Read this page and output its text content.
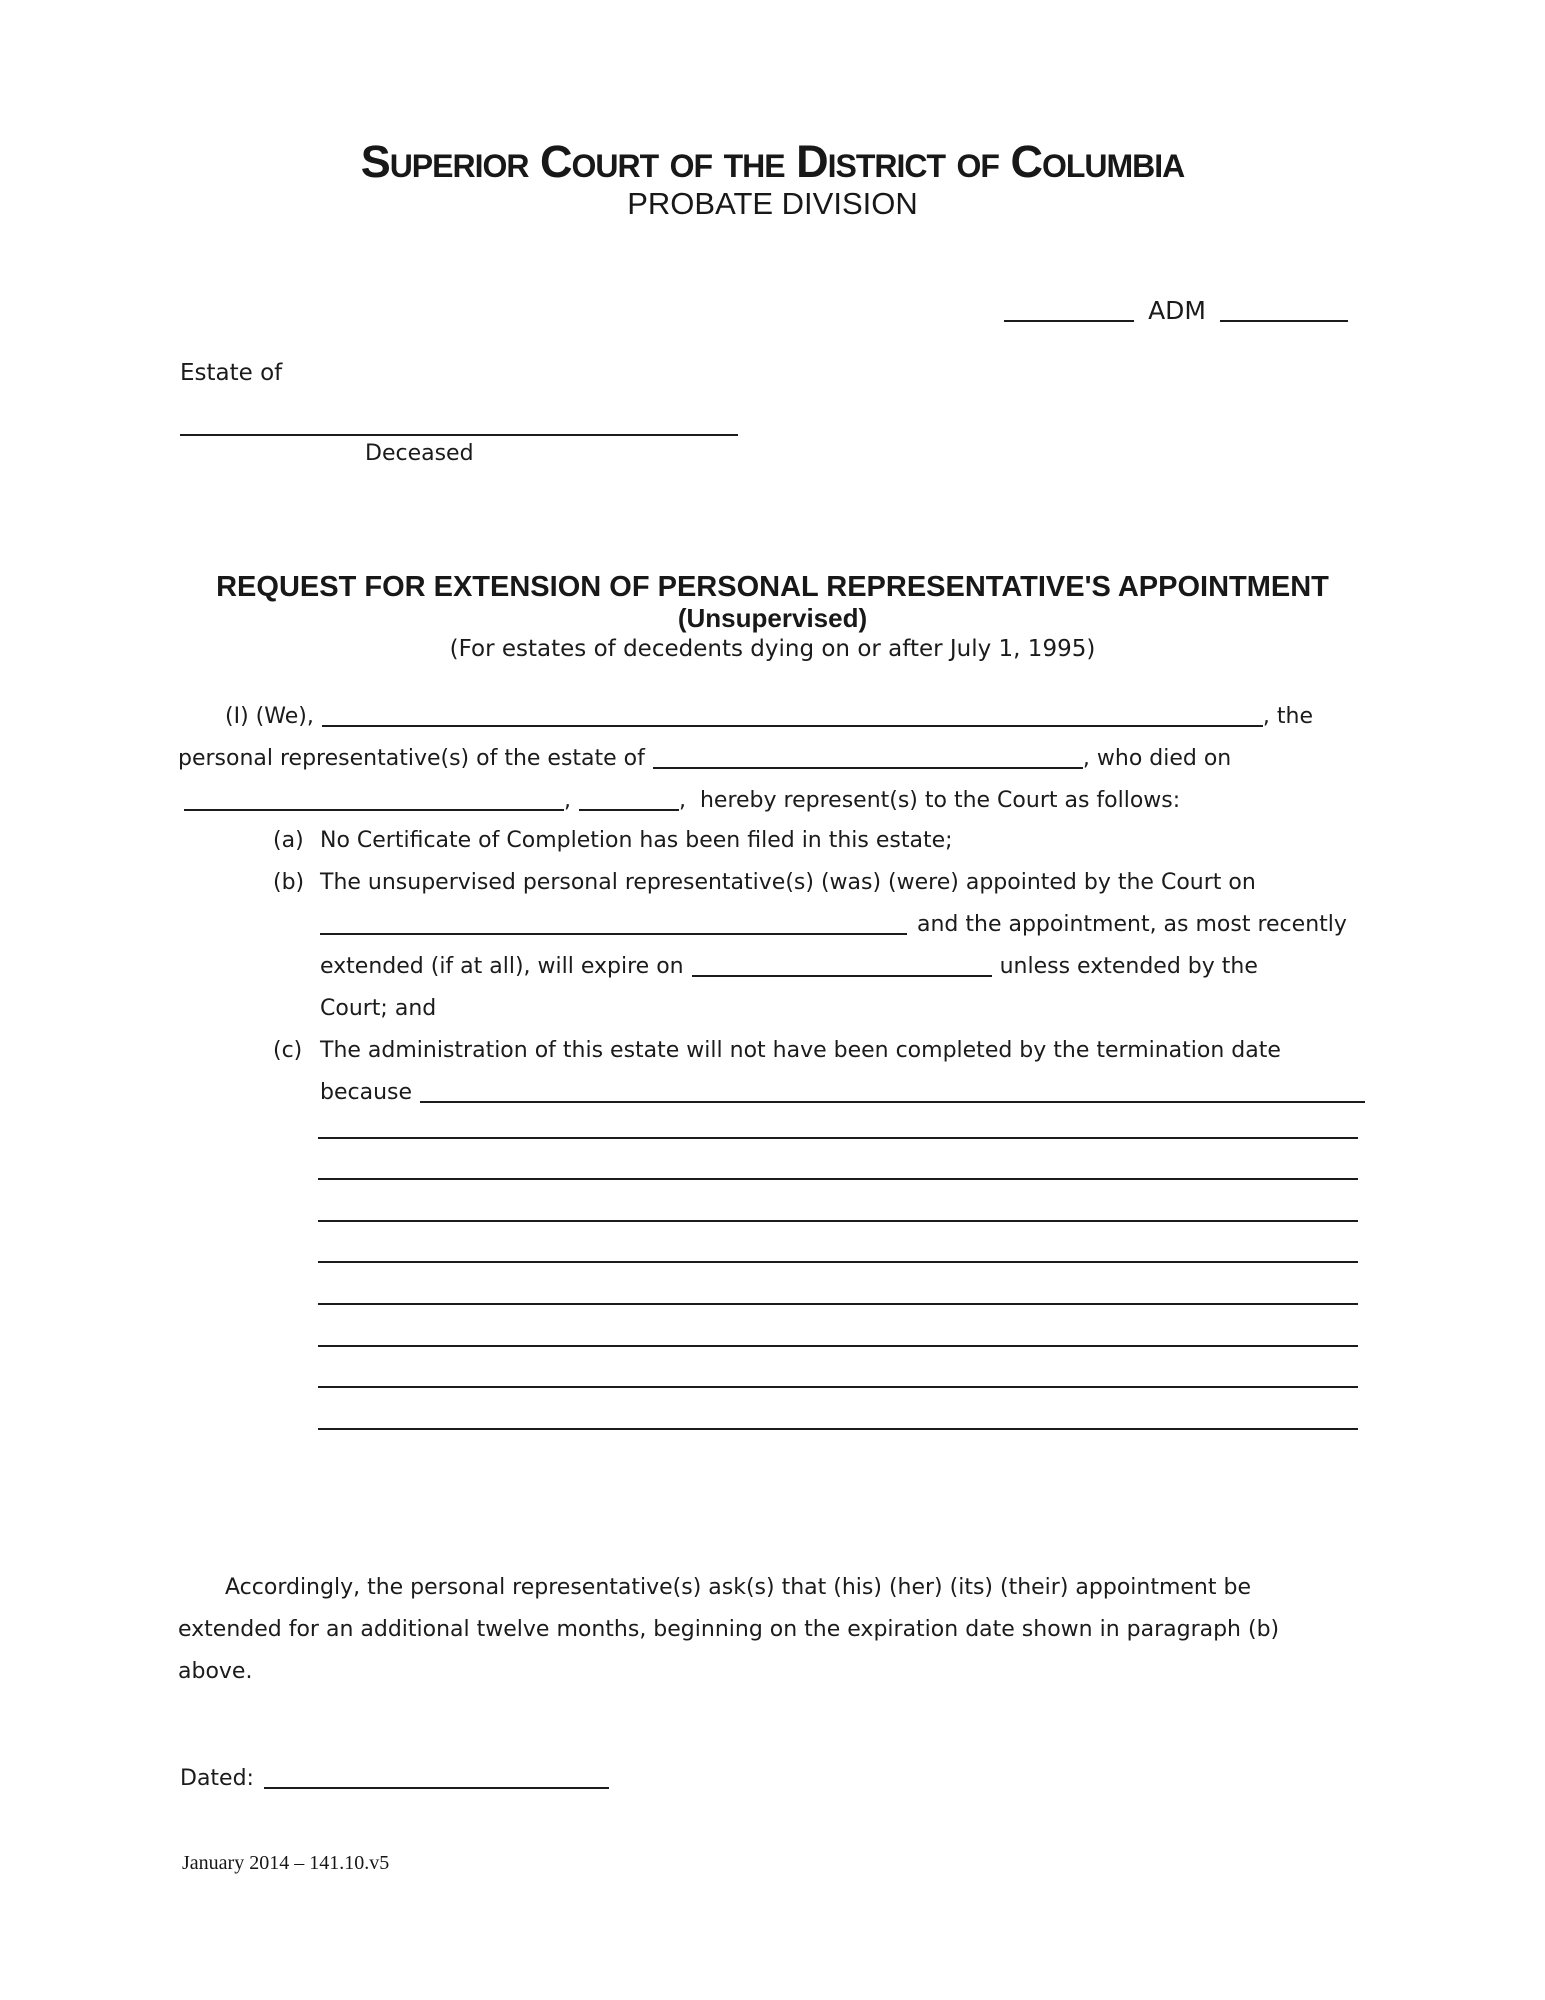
Superior Court of the District of Columbia
PROBATE DIVISION
ADM
Estate of
Deceased
REQUEST FOR EXTENSION OF PERSONAL REPRESENTATIVE'S APPOINTMENT
(Unsupervised)
(For estates of decedents dying on or after July 1, 1995)
(I) (We),	, the
personal representative(s) of the estate of	, who died on
,	,  hereby represent(s) to the Court as follows:
(a) No Certificate of Completion has been filed in this estate;
(b) The unsupervised personal representative(s) (was) (were) appointed by the Court on
and the appointment, as most recently
extended (if at all), will expire on	unless extended by the
Court; and
(c) The administration of this estate will not have been completed by the termination date
because
Accordingly, the personal representative(s) ask(s) that (his) (her) (its) (their) appointment be
extended for an additional twelve months, beginning on the expiration date shown in paragraph (b)
above.
Dated:
January 2014 – 141.10.v5
